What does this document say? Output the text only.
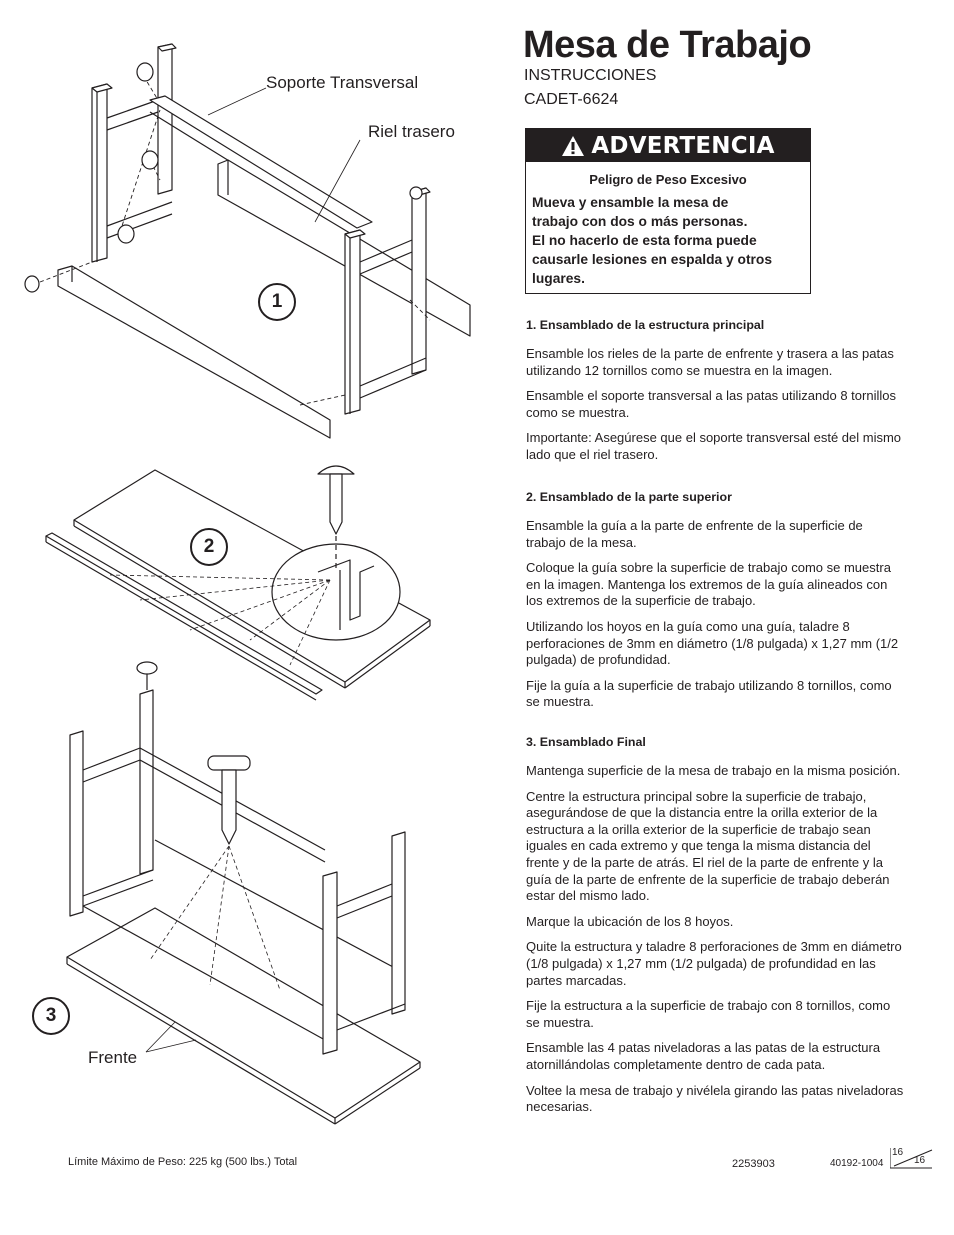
Soporte Transversal
Riel trasero
Frente
1
2
3
Mesa de Trabajo
INSTRUCCIONES
CADET-6624
ADVERTENCIA
Peligro de Peso Excesivo
Mueva y ensamble la mesa de
trabajo con dos o más personas.
El no hacerlo de esta forma puede
causarle lesiones en espalda y otros
lugares.
1. Ensamblado de la estructura principal

Ensamble los rieles de la parte de enfrente y trasera a las patas utilizando 12 tornillos como se muestra en la imagen.

Ensamble el soporte transversal a las patas utilizando 8 tornillos como se muestra.

Importante: Asegúrese que el soporte transversal esté del mismo lado que el riel trasero.

2. Ensamblado de la parte superior

Ensamble la guía a la parte de enfrente de la superficie de trabajo de la mesa.

Coloque la guía sobre la superficie de trabajo como se muestra en la imagen. Mantenga los extremos de la guía alineados con los extremos de la superficie de trabajo.

Utilizando los hoyos en la guía como una guía, taladre 8 perforaciones de 3mm en diámetro (1/8 pulgada) x 1,27 mm (1/2 pulgada) de profundidad.

Fije la guía a la superficie de trabajo utilizando 8 tornillos, como se muestra.

3. Ensamblado Final

Mantenga superficie de la mesa de trabajo en la misma posición.

Centre la estructura principal sobre la superficie de trabajo, asegurándose de que la distancia entre la orilla exterior de la estructura a la orilla exterior de la superficie de trabajo sean iguales en cada extremo y que tenga la misma distancia del frente y de la parte de atrás. El riel de la parte de enfrente y la guía de la parte de enfrente de la superficie de trabajo deberán estar del mismo lado.

Marque la ubicación de los 8 hoyos.

Quite la estructura y taladre 8 perforaciones de 3mm en diámetro (1/8 pulgada) x 1,27 mm (1/2 pulgada) de profundidad en las partes marcadas.

Fije la estructura a la superficie de trabajo con 8 tornillos, como se muestra.

Ensamble las 4 patas niveladoras a las patas de la estructura atornillándolas completamente dentro de cada pata.

Voltee la mesa de trabajo y nivélela girando las patas niveladoras necesarias.

Límite Máximo de Peso: 225 kg (500 lbs.) Total	2253903	40192-1004
16
16
